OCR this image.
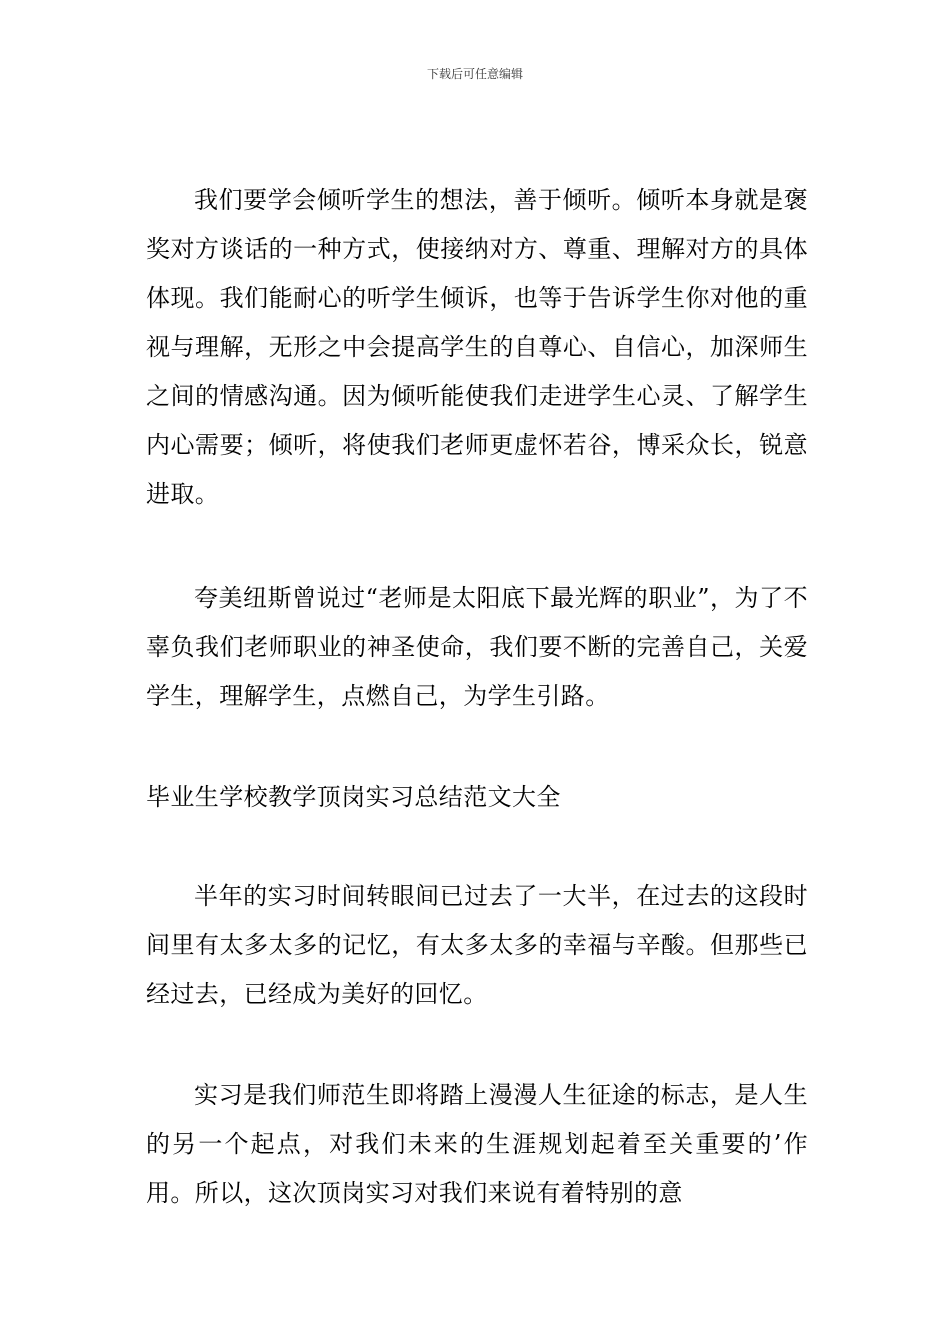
下载后可任意编辑

我们要学会倾听学生的想法，善于倾听。倾听本身就是褒奖对方谈话的一种方式，使接纳对方、尊重、理解对方的具体体现。我们能耐心的听学生倾诉，也等于告诉学生你对他的重视与理解，无形之中会提高学生的自尊心、自信心，加深师生之间的情感沟通。因为倾听能使我们走进学生心灵、了解学生内心需要；倾听，将使我们老师更虚怀若谷，博采众长，锐意进取。

夸美纽斯曾说过“老师是太阳底下最光辉的职业”，为了不辜负我们老师职业的神圣使命，我们要不断的完善自己，关爱学生，理解学生，点燃自己，为学生引路。

毕业生学校教学顶岗实习总结范文大全

半年的实习时间转眼间已过去了一大半，在过去的这段时间里有太多太多的记忆，有太多太多的幸福与辛酸。但那些已经过去，已经成为美好的回忆。

实习是我们师范生即将踏上漫漫人生征途的标志，是人生的另一个起点，对我们未来的生涯规划起着至关重要的’作用。所以，这次顶岗实习对我们来说有着特别的意
